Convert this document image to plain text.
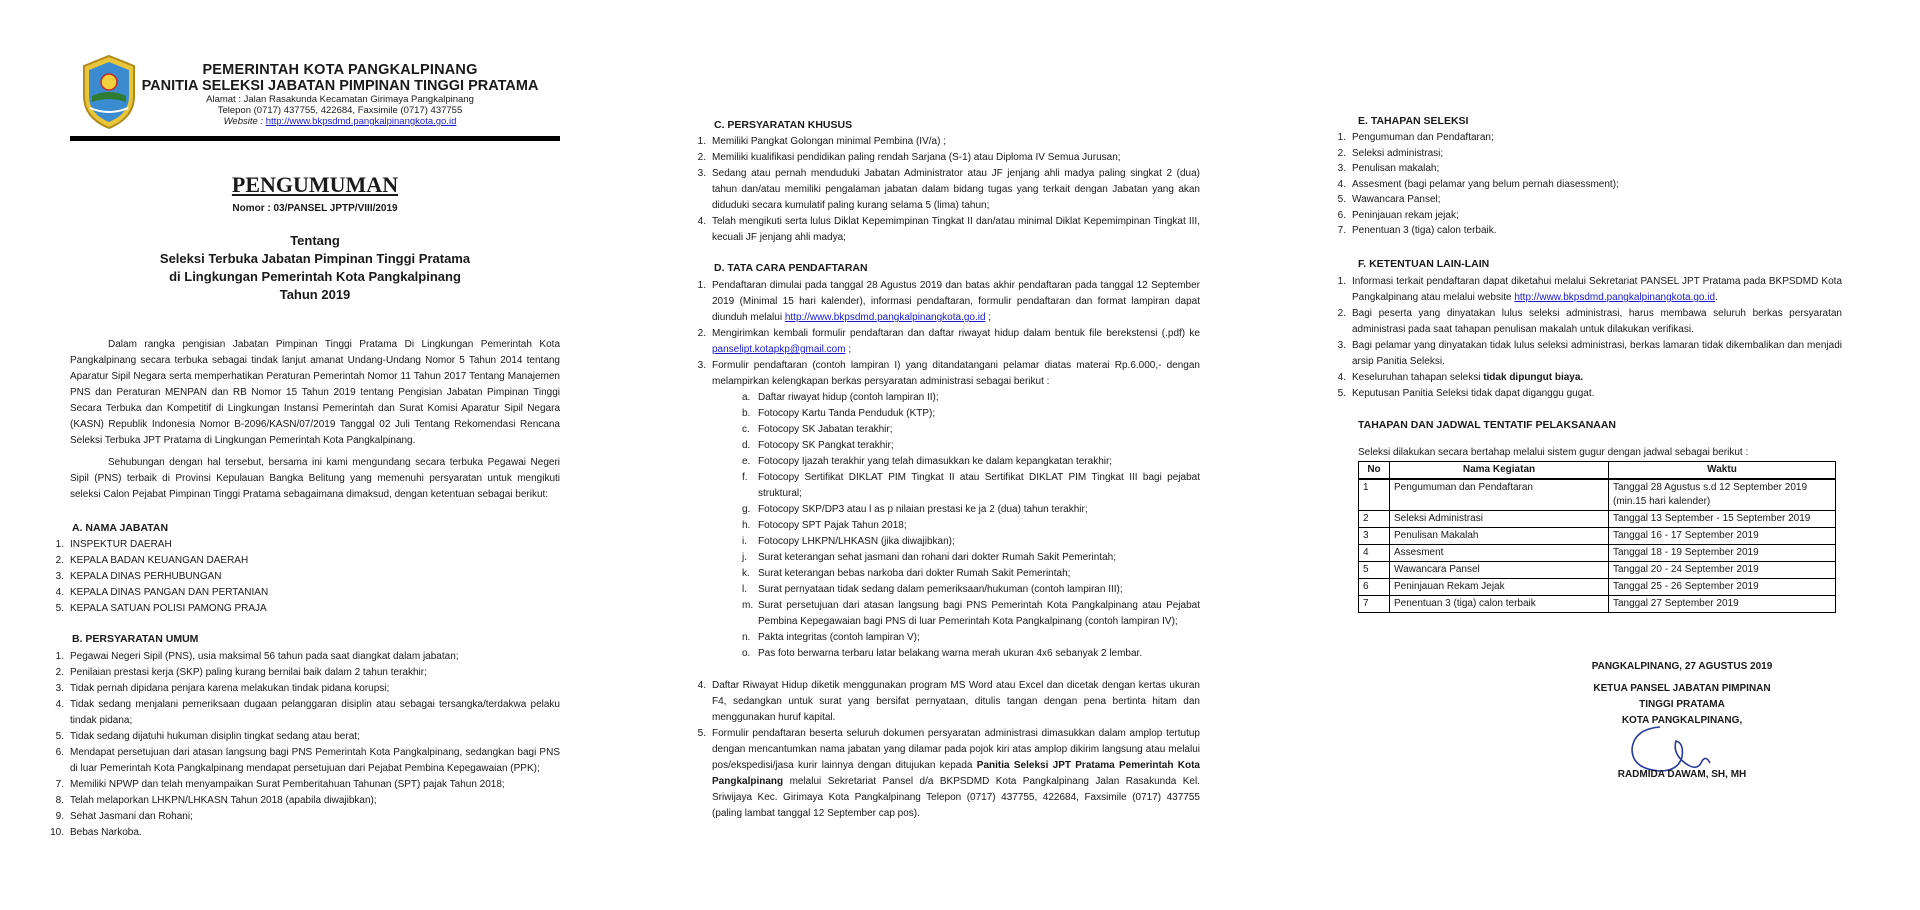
PEMERINTAH KOTA PANGKALPINANG
PANITIA SELEKSI JABATAN PIMPINAN TINGGI PRATAMA
Alamat : Jalan Rasakunda Kecamatan Girimaya Pangkalpinang
Telepon (0717) 437755, 422684, Faxsimile (0717) 437755
Website : http://www.bkpsdmd.pangkalpinangkota.go.id
PENGUMUMAN
Nomor : 03/PANSEL JPTP/VIII/2019
Tentang
Seleksi Terbuka Jabatan Pimpinan Tinggi Pratama
di Lingkungan Pemerintah Kota Pangkalpinang
Tahun 2019
Dalam rangka pengisian Jabatan Pimpinan Tinggi Pratama Di Lingkungan Pemerintah Kota Pangkalpinang secara terbuka sebagai tindak lanjut amanat Undang-Undang Nomor 5 Tahun 2014 tentang Aparatur Sipil Negara serta memperhatikan Peraturan Pemerintah Nomor 11 Tahun 2017 Tentang Manajemen PNS dan Peraturan MENPAN dan RB Nomor 15 Tahun 2019 tentang Pengisian Jabatan Pimpinan Tinggi Secara Terbuka dan Kompetitif di Lingkungan Instansi Pemerintah dan Surat Komisi Aparatur Sipil Negara (KASN) Republik Indonesia Nomor B-2096/KASN/07/2019 Tanggal 02 Juli Tentang Rekomendasi Rencana Seleksi Terbuka JPT Pratama di Lingkungan Pemerintah Kota Pangkalpinang.
Sehubungan dengan hal tersebut, bersama ini kami mengundang secara terbuka Pegawai Negeri Sipil (PNS) terbaik di Provinsi Kepulauan Bangka Belitung yang memenuhi persyaratan untuk mengikuti seleksi Calon Pejabat Pimpinan Tinggi Pratama sebagaimana dimaksud, dengan ketentuan sebagai berikut:
A. NAMA JABATAN
1. INSPEKTUR DAERAH
2. KEPALA BADAN KEUANGAN DAERAH
3. KEPALA DINAS PERHUBUNGAN
4. KEPALA DINAS PANGAN DAN PERTANIAN
5. KEPALA SATUAN POLISI PAMONG PRAJA
B. PERSYARATAN UMUM
1. Pegawai Negeri Sipil (PNS), usia maksimal 56 tahun pada saat diangkat dalam jabatan;
2. Penilaian prestasi kerja (SKP) paling kurang bernilai baik dalam 2 tahun terakhir;
3. Tidak pernah dipidana penjara karena melakukan tindak pidana korupsi;
4. Tidak sedang menjalani pemeriksaan dugaan pelanggaran disiplin atau sebagai tersangka/terdakwa pelaku tindak pidana;
5. Tidak sedang dijatuhi hukuman disiplin tingkat sedang atau berat;
6. Mendapat persetujuan dari atasan langsung bagi PNS Pemerintah Kota Pangkalpinang, sedangkan bagi PNS di luar Pemerintah Kota Pangkalpinang mendapat persetujuan dari Pejabat Pembina Kepegawaian (PPK);
7. Memiliki NPWP dan telah menyampaikan Surat Pemberitahuan Tahunan (SPT) pajak Tahun 2018;
8. Telah melaporkan LHKPN/LHKASN Tahun 2018 (apabila diwajibkan);
9. Sehat Jasmani dan Rohani;
10. Bebas Narkoba.
C. PERSYARATAN KHUSUS
1. Memiliki Pangkat Golongan minimal Pembina (IV/a) ;
2. Memiliki kualifikasi pendidikan paling rendah Sarjana (S-1) atau Diploma IV Semua Jurusan;
3. Sedang atau pernah menduduki Jabatan Administrator atau JF jenjang ahli madya paling singkat 2 (dua) tahun dan/atau memiliki pengalaman jabatan dalam bidang tugas yang terkait dengan Jabatan yang akan diduduki secara kumulatif paling kurang selama 5 (lima) tahun;
4. Telah mengikuti serta lulus Diklat Kepemimpinan Tingkat II dan/atau minimal Diklat Kepemimpinan Tingkat III, kecuali JF jenjang ahli madya;
D. TATA CARA PENDAFTARAN
1. Pendaftaran dimulai pada tanggal 28 Agustus 2019 dan batas akhir pendaftaran pada tanggal 12 September 2019 (Minimal 15 hari kalender), informasi pendaftaran, formulir pendaftaran dan format lampiran dapat diunduh melalui http://www.bkpsdmd.pangkalpinangkota.go.id ;
2. Mengirimkan kembali formulir pendaftaran dan daftar riwayat hidup dalam bentuk file berekstensi (.pdf) ke panselipt.kotapkp@gmail.com ;
3. Formulir pendaftaran (contoh lampiran I) yang ditandatangani pelamar diatas materai Rp.6.000,- dengan melampirkan kelengkapan berkas persyaratan administrasi sebagai berikut :
a. Daftar riwayat hidup (contoh lampiran II);
b. Fotocopy Kartu Tanda Penduduk (KTP);
c. Fotocopy SK Jabatan terakhir;
d. Fotocopy SK Pangkat terakhir;
e. Fotocopy Ijazah terakhir yang telah dimasukkan ke dalam kepangkatan terakhir;
f. Fotocopy Sertifikat DIKLAT PIM Tingkat II atau Sertifikat DIKLAT PIM Tingkat III bagi pejabat struktural;
g. Fotocopy SKP/DP3 atau l as p nilaian prestasi ke ja 2 (dua) tahun terakhir;
h. Fotocopy SPT Pajak Tahun 2018;
i. Fotocopy LHKPN/LHKASN (jika diwajibkan);
j. Surat keterangan sehat jasmani dan rohani dari dokter Rumah Sakit Pemerintah;
k. Surat keterangan bebas narkoba dari dokter Rumah Sakit Pemerintah;
l. Surat pernyataan tidak sedang dalam pemeriksaan/hukuman (contoh lampiran III);
m. Surat persetujuan dari atasan langsung bagi PNS Pemerintah Kota Pangkalpinang atau Pejabat Pembina Kepegawaian bagi PNS di luar Pemerintah Kota Pangkalpinang (contoh lampiran IV);
n. Pakta integritas (contoh lampiran V);
o. Pas foto berwarna terbaru latar belakang warna merah ukuran 4x6 sebanyak 2 lembar.
4. Daftar Riwayat Hidup diketik menggunakan program MS Word atau Excel dan dicetak dengan kertas ukuran F4, sedangkan untuk surat yang bersifat pernyataan, ditulis tangan dengan pena bertinta hitam dan menggunakan huruf kapital.
5. Formulir pendaftaran beserta seluruh dokumen persyaratan administrasi dimasukkan dalam amplop tertutup dengan mencantumkan nama jabatan yang dilamar pada pojok kiri atas amplop dikirim langsung atau melalui pos/ekspedisi/jasa kurir lainnya dengan ditujukan kepada Panitia Seleksi JPT Pratama Pemerintah Kota Pangkalpinang melalui Sekretariat Pansel d/a BKPSDMD Kota Pangkalpinang Jalan Rasakunda Kel. Sriwijaya Kec. Girimaya Kota Pangkalpinang Telepon (0717) 437755, 422684, Faxsimile (0717) 437755 (paling lambat tanggal 12 September cap pos).
E. TAHAPAN SELEKSI
1. Pengumuman dan Pendaftaran;
2. Seleksi administrasi;
3. Penulisan makalah;
4. Assesment (bagi pelamar yang belum pernah diasessment);
5. Wawancara Pansel;
6. Peninjauan rekam jejak;
7. Penentuan 3 (tiga) calon terbaik.
F. KETENTUAN LAIN-LAIN
1. Informasi terkait pendaftaran dapat diketahui melalui Sekretariat PANSEL JPT Pratama pada BKPSDMD Kota Pangkalpinang atau melalui website http://www.bkpsdmd.pangkalpinangkota.go.id.
2. Bagi peserta yang dinyatakan lulus seleksi administrasi, harus membawa seluruh berkas persyaratan administrasi pada saat tahapan penulisan makalah untuk dilakukan verifikasi.
3. Bagi pelamar yang dinyatakan tidak lulus seleksi administrasi, berkas lamaran tidak dikembalikan dan menjadi arsip Panitia Seleksi.
4. Keseluruhan tahapan seleksi tidak dipungut biaya.
5. Keputusan Panitia Seleksi tidak dapat diganggu gugat.
TAHAPAN DAN JADWAL TENTATIF PELAKSANAAN
Seleksi dilakukan secara bertahap melalui sistem gugur dengan jadwal sebagai berikut :
No	Nama Kegiatan	Waktu
1	Pengumuman dan Pendaftaran	Tanggal 28 Agustus s.d 12 September 2019
(min.15 hari kalender)

2	Seleksi Administrasi	Tanggal 13 September - 15 September 2019

3	Penulisan Makalah	Tanggal 16 - 17 September 2019

4	Assesment	Tanggal 18 - 19 September 2019

5	Wawancara Pansel	Tanggal 20 - 24 September 2019

6	Peninjauan Rekam Jejak	Tanggal 25 - 26 September 2019

7	Penentuan 3 (tiga) calon terbaik	Tanggal 27 September 2019
PANGKALPINANG, 27 AGUSTUS 2019
KETUA PANSEL JABATAN PIMPINAN
TINGGI PRATAMA
KOTA PANGKALPINANG,
RADMIDA DAWAM, SH, MH
